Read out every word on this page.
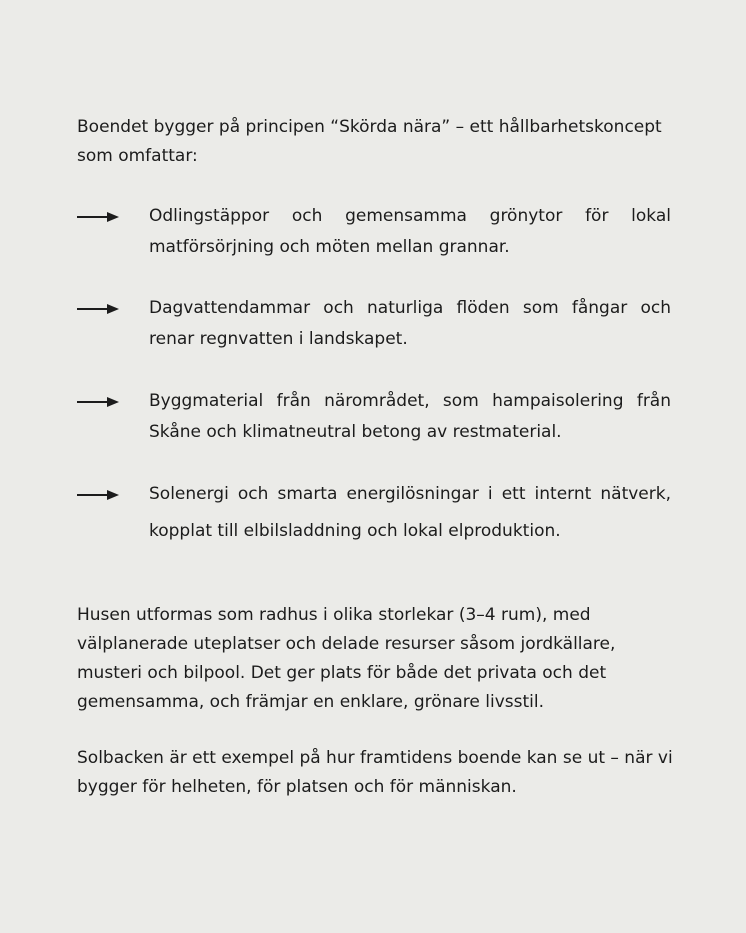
Boendet bygger på principen “Skörda nära” – ett hållbarhetskoncept som omfattar:

Odlingstäppor och gemensamma grönytor för lokal matförsörjning och möten mellan grannar.
Dagvattendammar och naturliga flöden som fångar och renar regnvatten i landskapet.
Byggmaterial från närområdet, som hampaisolering från Skåne och klimatneutral betong av restmaterial.
Solenergi och smarta energilösningar i ett internt nätverk, kopplat till elbilsladdning och lokal elproduktion.

Husen utformas som radhus i olika storlekar (3–4 rum), med välplanerade uteplatser och delade resurser såsom jordkällare, musteri och bilpool. Det ger plats för både det privata och det gemensamma, och främjar en enklare, grönare livsstil.

Solbacken är ett exempel på hur framtidens boende kan se ut – när vi bygger för helheten, för platsen och för människan.
